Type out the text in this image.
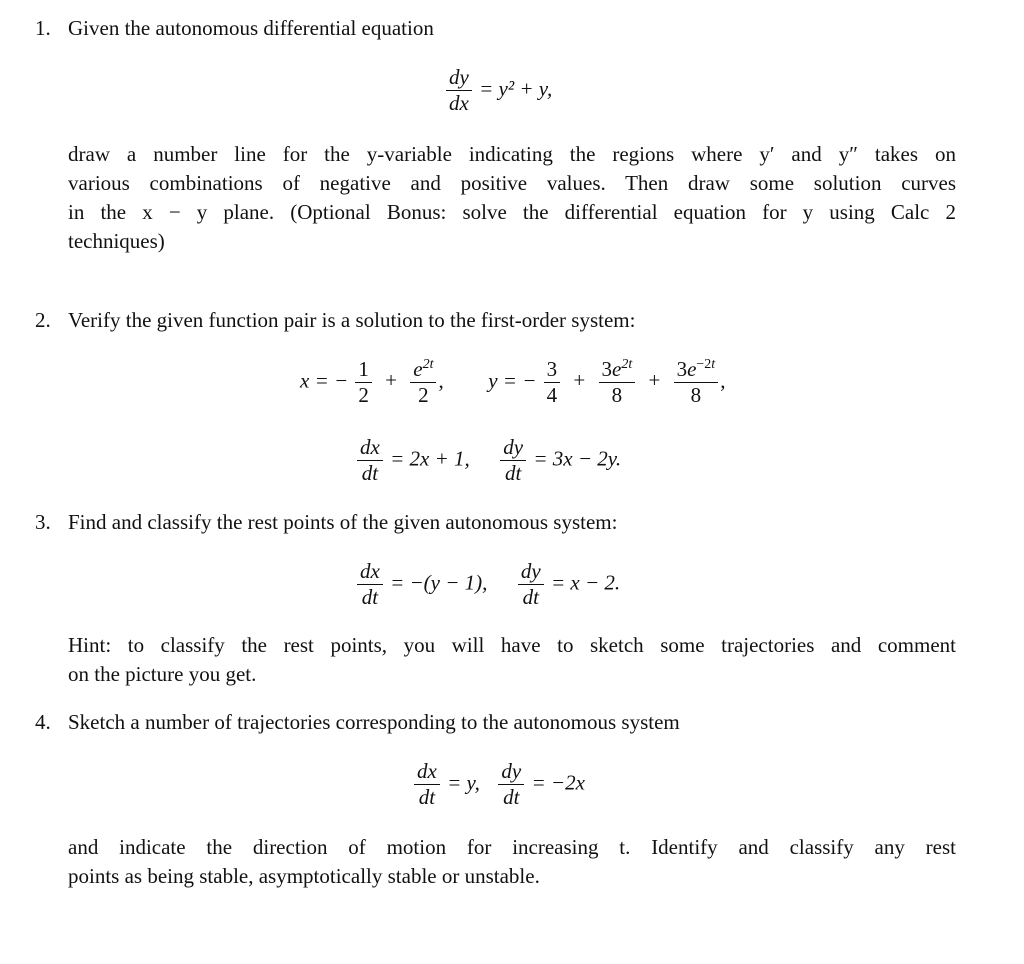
1. Given the autonomous differential equation
$\frac{dy}{dx} = y^2 + y$,
draw a number line for the y-variable indicating the regions where y′ and y″ takes on
various combinations of negative and positive values. Then draw some solution curves
in the x − y plane. (Optional Bonus: solve the differential equation for y using Calc 2
techniques)
2. Verify the given function pair is a solution to the first-order system:
x = − $\frac{1}{2} + \frac{e^{2t}}{2}$ , y = − $\frac{3}{4} + \frac{3e^{2t}}{8} + \frac{3e^{-2t}}{8}$ ,
$\frac{dx}{dt} = 2x + 1$, $\frac{dy}{dt} = 3x - 2y$.
3. Find and classify the rest points of the given autonomous system:
$\frac{dx}{dt} = -(y - 1)$, $\frac{dy}{dt} = x - 2$.
Hint: to classify the rest points, you will have to sketch some trajectories and comment
on the picture you get.
4. Sketch a number of trajectories corresponding to the autonomous system
$\frac{dx}{dt} = y$, $\frac{dy}{dt} = -2x$
and indicate the direction of motion for increasing t. Identify and classify any rest
points as being stable, asymptotically stable or unstable.
